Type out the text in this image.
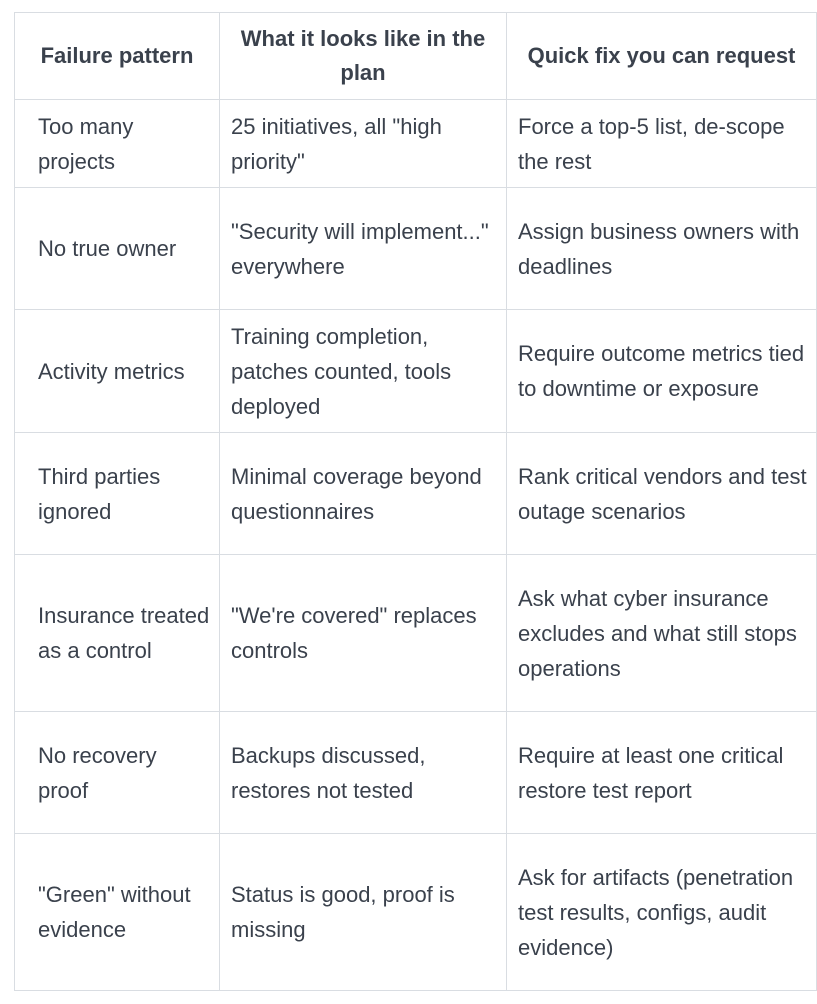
Failure pattern	What it looks like in the plan	Quick fix you can request
Too many projects	25 initiatives, all "high priority"	Force a top-5 list, de-scope the rest
No true owner	"Security will implement..." everywhere	Assign business owners with deadlines
Activity metrics	Training completion, patches counted, tools deployed	Require outcome metrics tied to downtime or exposure
Third parties ignored	Minimal coverage beyond questionnaires	Rank critical vendors and test outage scenarios
Insurance treated as a control	"We're covered" replaces controls	Ask what cyber insurance excludes and what still stops operations
No recovery proof	Backups discussed, restores not tested	Require at least one critical restore test report
"Green" without evidence	Status is good, proof is missing	Ask for artifacts (penetration test results, configs, audit evidence)
